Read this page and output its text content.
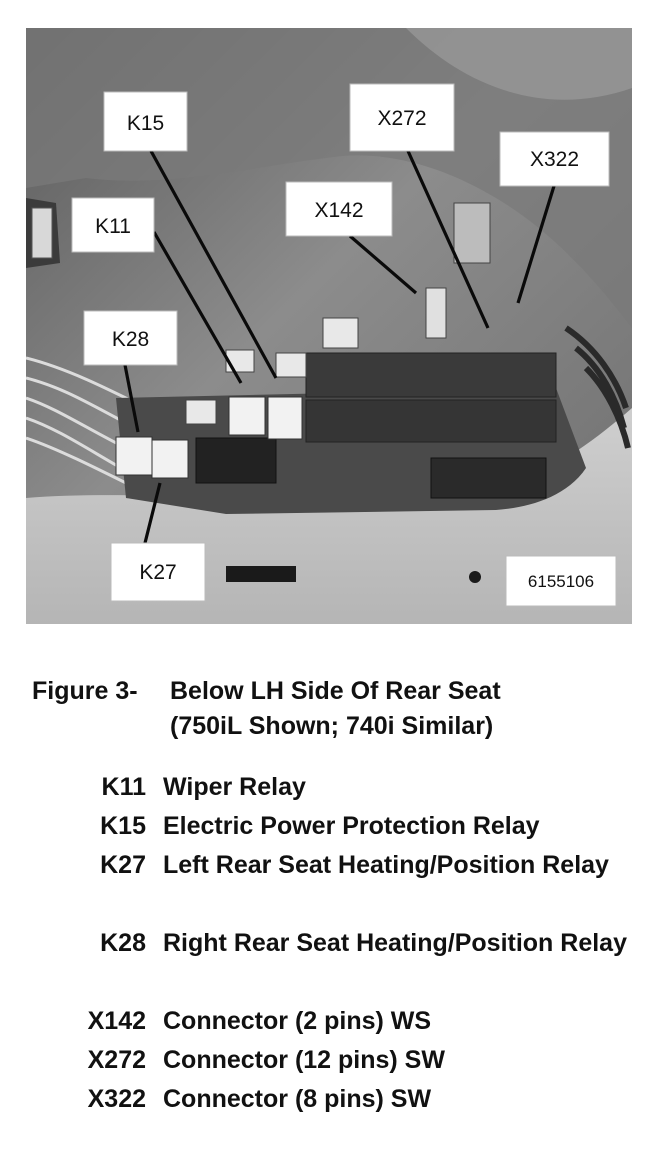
K15	X272
X322
X142
K11
K28
K27	6155106
Figure 3- Below LH Side Of Rear Seat
(750iL Shown; 740i Similar)
K11 Wiper Relay
K15 Electric Power Protection Relay
K27 Left Rear Seat Heating/Position Relay
K28 Right Rear Seat Heating/Position Relay
X142 Connector (2 pins) WS
X272 Connector (12 pins) SW
X322 Connector (8 pins) SW
